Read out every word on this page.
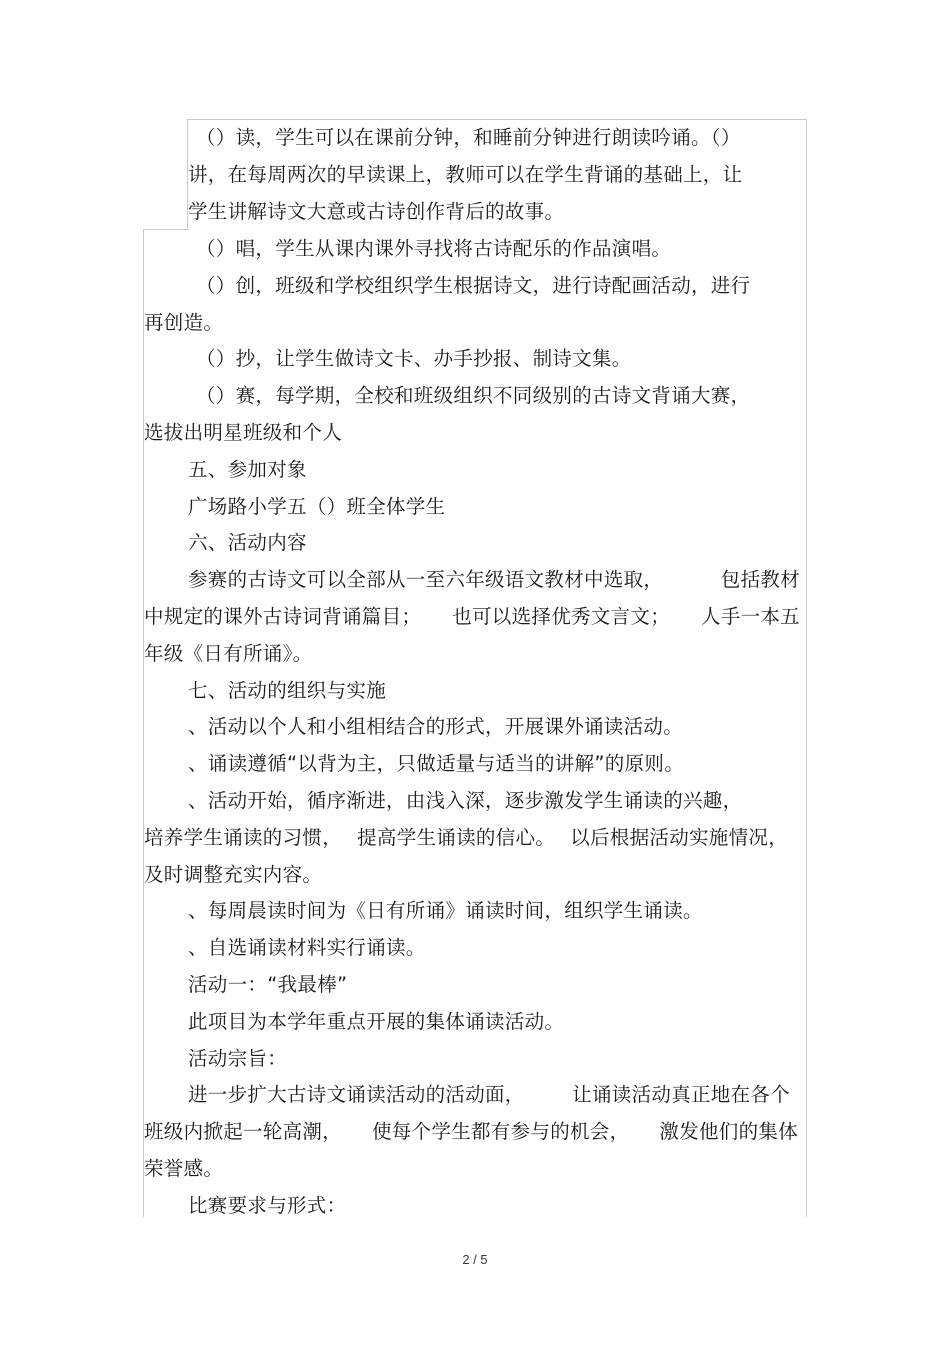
（）读，学生可以在课前分钟，和睡前分钟进行朗读吟诵。（）
讲，在每周两次的早读课上，教师可以在学生背诵的基础上，让
学生讲解诗文大意或古诗创作背后的故事。
（）唱，学生从课内课外寻找将古诗配乐的作品演唱。
（）创，班级和学校组织学生根据诗文，进行诗配画活动，进行
再创造。
（）抄，让学生做诗文卡、办手抄报、制诗文集。
（）赛，每学期，全校和班级组织不同级别的古诗文背诵大赛，
选拔出明星班级和个人
五、参加对象
广场路小学五（）班全体学生
六、活动内容
参赛的古诗文可以全部从一至六年级语文教材中选取，	包括教材
中规定的课外古诗词背诵篇目； 也可以选择优秀文言文； 人手一本五
年级《日有所诵》。
七、活动的组织与实施
、活动以个人和小组相结合的形式，开展课外诵读活动。
、诵读遵循“以背为主，只做适量与适当的讲解”的原则。
、活动开始，循序渐进，由浅入深，逐步激发学生诵读的兴趣，
培养学生诵读的习惯， 提高学生诵读的信心。 以后根据活动实施情况，
及时调整充实内容。
、每周晨读时间为《日有所诵》诵读时间，组织学生诵读。
、自选诵读材料实行诵读。
活动一：“我最棒”
此项目为本学年重点开展的集体诵读活动。
活动宗旨：
进一步扩大古诗文诵读活动的活动面， 让诵读活动真正地在各个
班级内掀起一轮高潮， 使每个学生都有参与的机会， 激发他们的集体
荣誉感。
比赛要求与形式：
2 / 5
